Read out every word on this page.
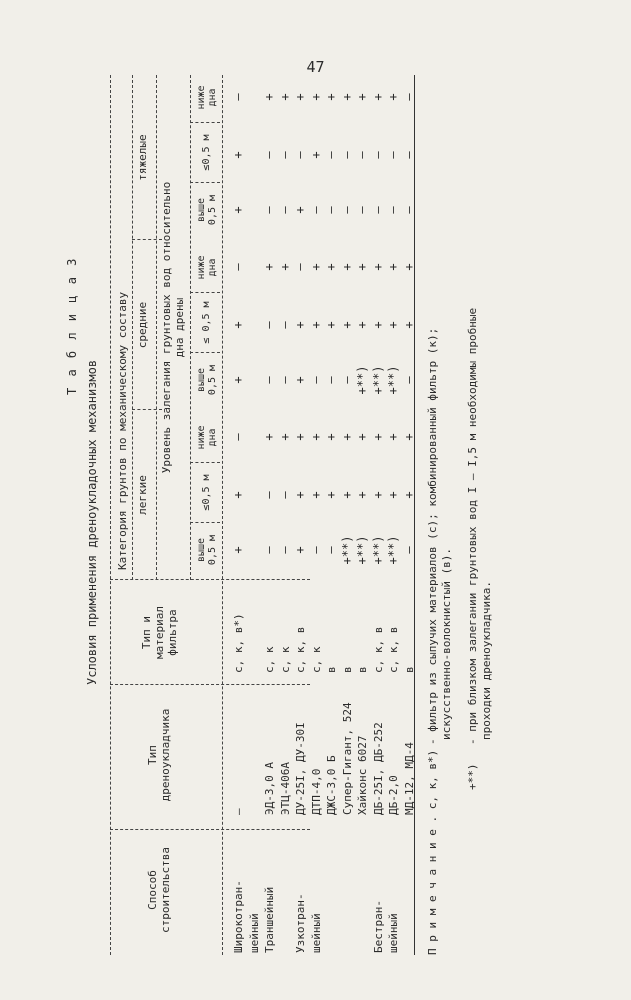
47
Т а б л и ц а 3
Условия применения дреноукладочных механизмов
Способ строительства
Тип дреноукладчика
Тип и материал фильтра
Категория грунтов по механическому составу легкие
средние
тяжелые
Уровень залегания грунтовых вод относительно дна дрены
выше 0,5 м
≤0,5 м
ниже дна
выше 0,5 м
≤ 0,5 м
ниже дна
выше 0,5 м
≤0,5 м
ниже дна
Широкотран-
–
с, к, в*)
+
+
–
+
+
–
+
+
–
шейный Траншейный
ЭД-3,0 А
с, к
–
–
+
–
–
+
–
–
+
ЭТЦ-406А
с, к
–
–
+
–
–
+
–
–
+
Узкотран-
ДУ-25I, ДУ-30I
с, к, в
+
+
+
+
+
–
+
–
+
шейный
ДТП-4,0
с, к
–
+
+
–
+
+
–
+
+
ДЖС-3,0 Б
в
–
+
+
–
+
+
–
–
+
Супер-Гигант, 524
в
+**)
+
+
–
+
+
–
–
+
Хайконс 6027
в
+**)
+
+
+**)
+
+
–
–
+
Бестран-
ДБ-25I, ДБ-252
с, к, в
+**)
+
+
+**)
+
+
–
–
+
шейный
ДБ-2,0
с, к, в
+**)
+
+
+**)
+
+
–
–
+
МД-12, МД-4
в
–
+
+
–
+
+
–
–
–
П р и м е ч а н и е . с, к, в*)
- фильтр из сыпучих материалов (с); комбинированный фильтр (к); искусственно-волокнистый (в).
+**)
- при близком залегании грунтовых вод I – I,5 м необходимы пробные проходки дреноукладчика.
